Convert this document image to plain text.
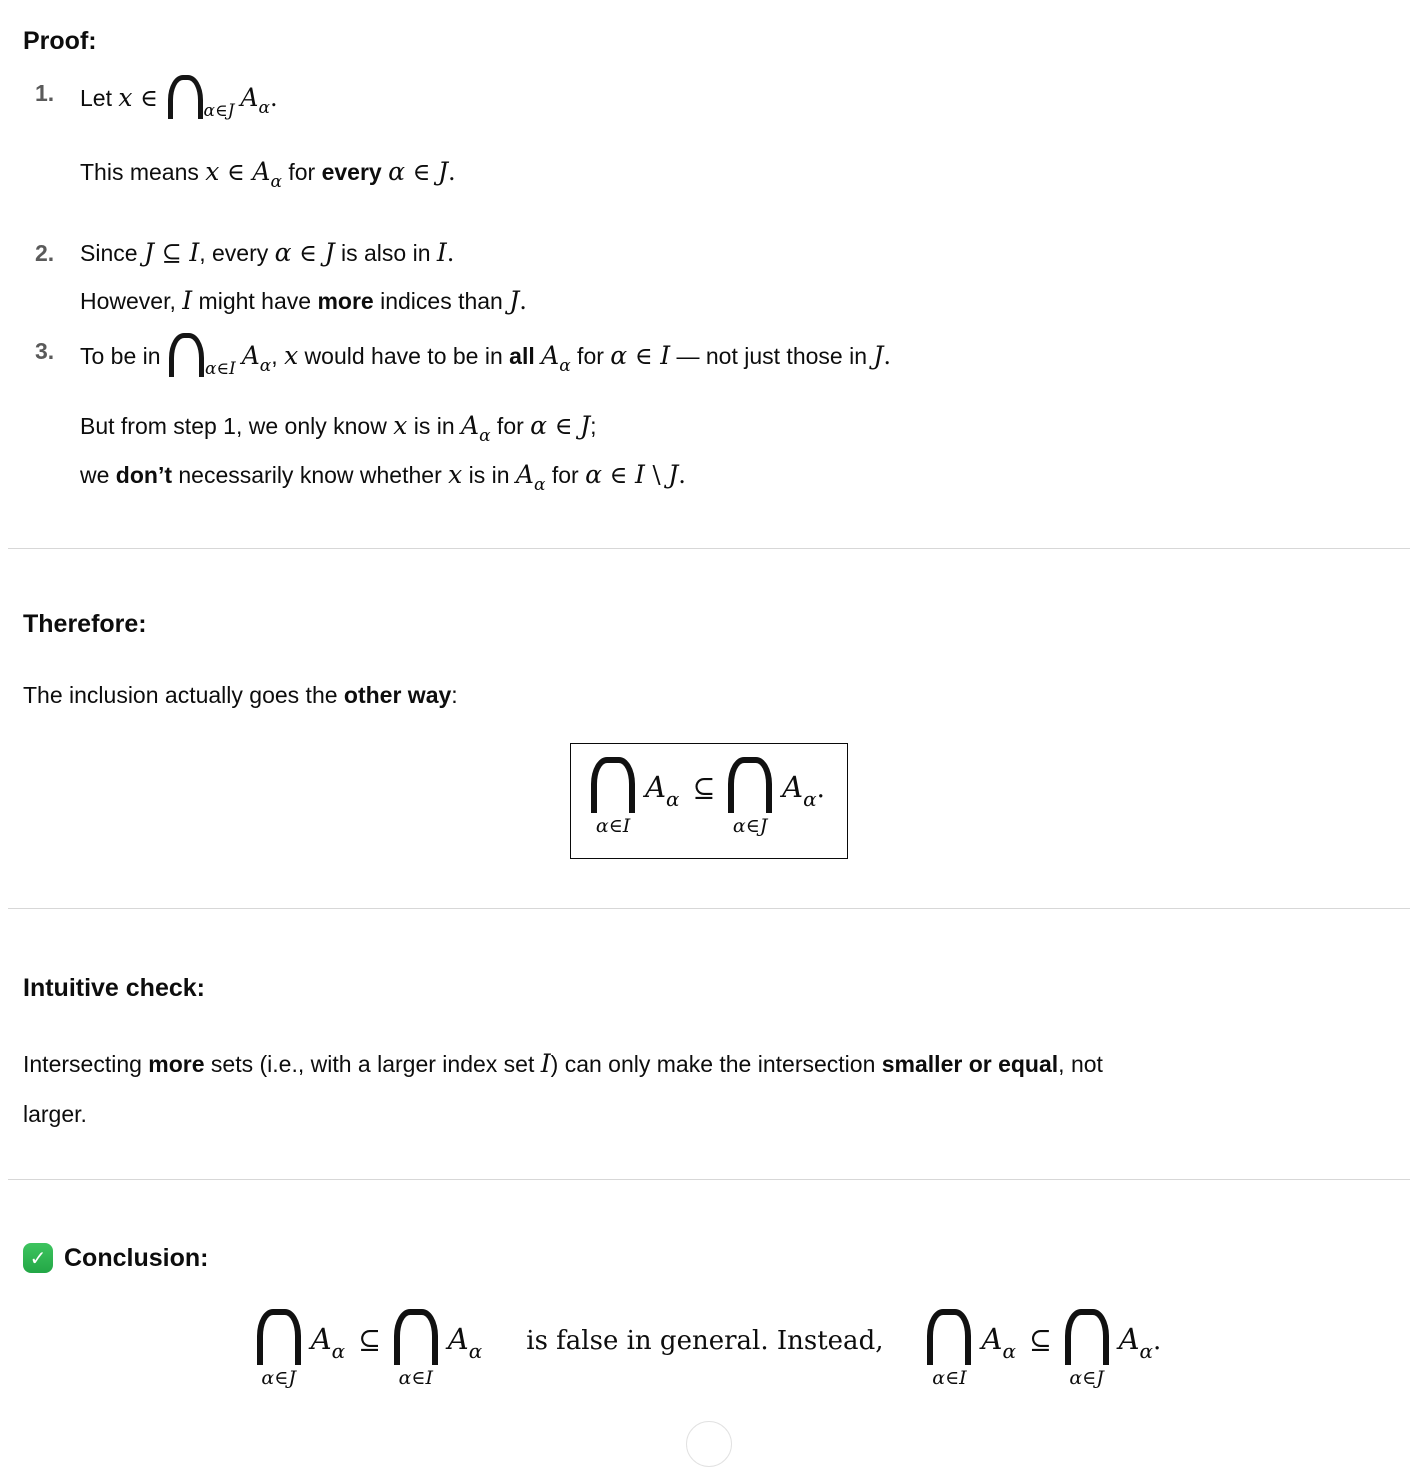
Proof:
1.	Let x ∈ α∈J $A_\alpha$.
This means x ∈ $A_\alpha$ for every α ∈ J.
2.	Since J ⊆ I, every α ∈ J is also in I.
However, I might have more indices than J.
3.	To be in α∈I $A_\alpha$, x would have to be in all $A_\alpha$ for α ∈ I — not just those in J.
But from step 1, we only know x is in $A_\alpha$ for α ∈ J;
we don’t necessarily know whether x is in $A_\alpha$ for α ∈ I \ J.
Therefore:
The inclusion actually goes the other way:
α∈I
Aα ⊆
α∈J
Aα.
Intuitive check:
Intersecting more sets (i.e., with a larger index set I) can only make the intersection smaller or equal, not
larger.
✓ Conclusion:
α∈J
Aα ⊆
α∈I
Aα is false in general. Instead,
α∈I
Aα ⊆
α∈J
Aα.
